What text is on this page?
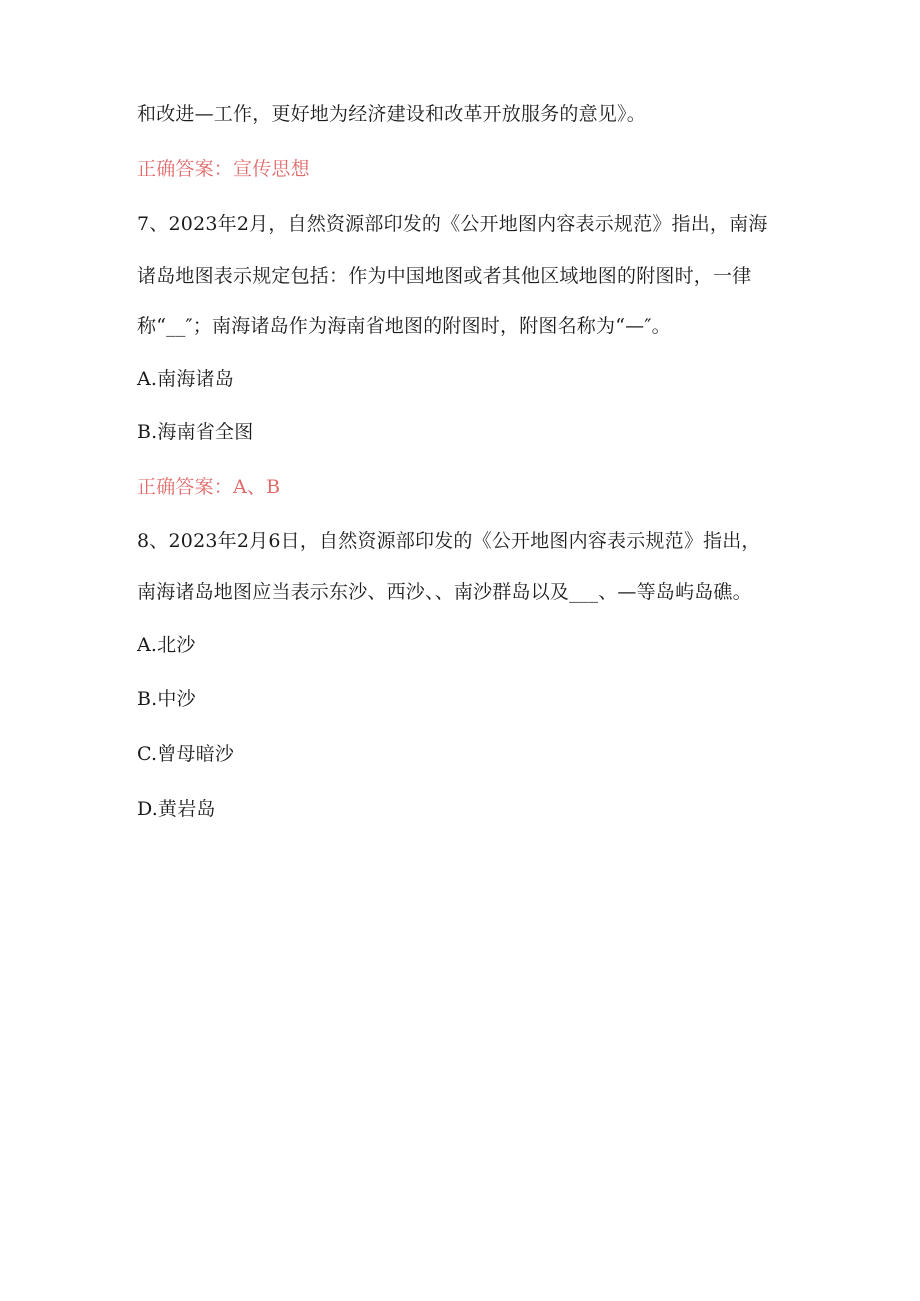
和改进—工作，更好地为经济建设和改革开放服务的意见》。
正确答案：宣传思想
7、2023年2月，自然资源部印发的《公开地图内容表示规范》指出，南海
诸岛地图表示规定包括：作为中国地图或者其他区域地图的附图时，一律
称“__″；南海诸岛作为海南省地图的附图时，附图名称为“—″。
A.南海诸岛
B.海南省全图
正确答案：A、B
8、2023年2月6日，自然资源部印发的《公开地图内容表示规范》指出，
南海诸岛地图应当表示东沙、西沙、、南沙群岛以及___、—等岛屿岛礁。
A.北沙
B.中沙
C.曾母暗沙
D.黄岩岛
